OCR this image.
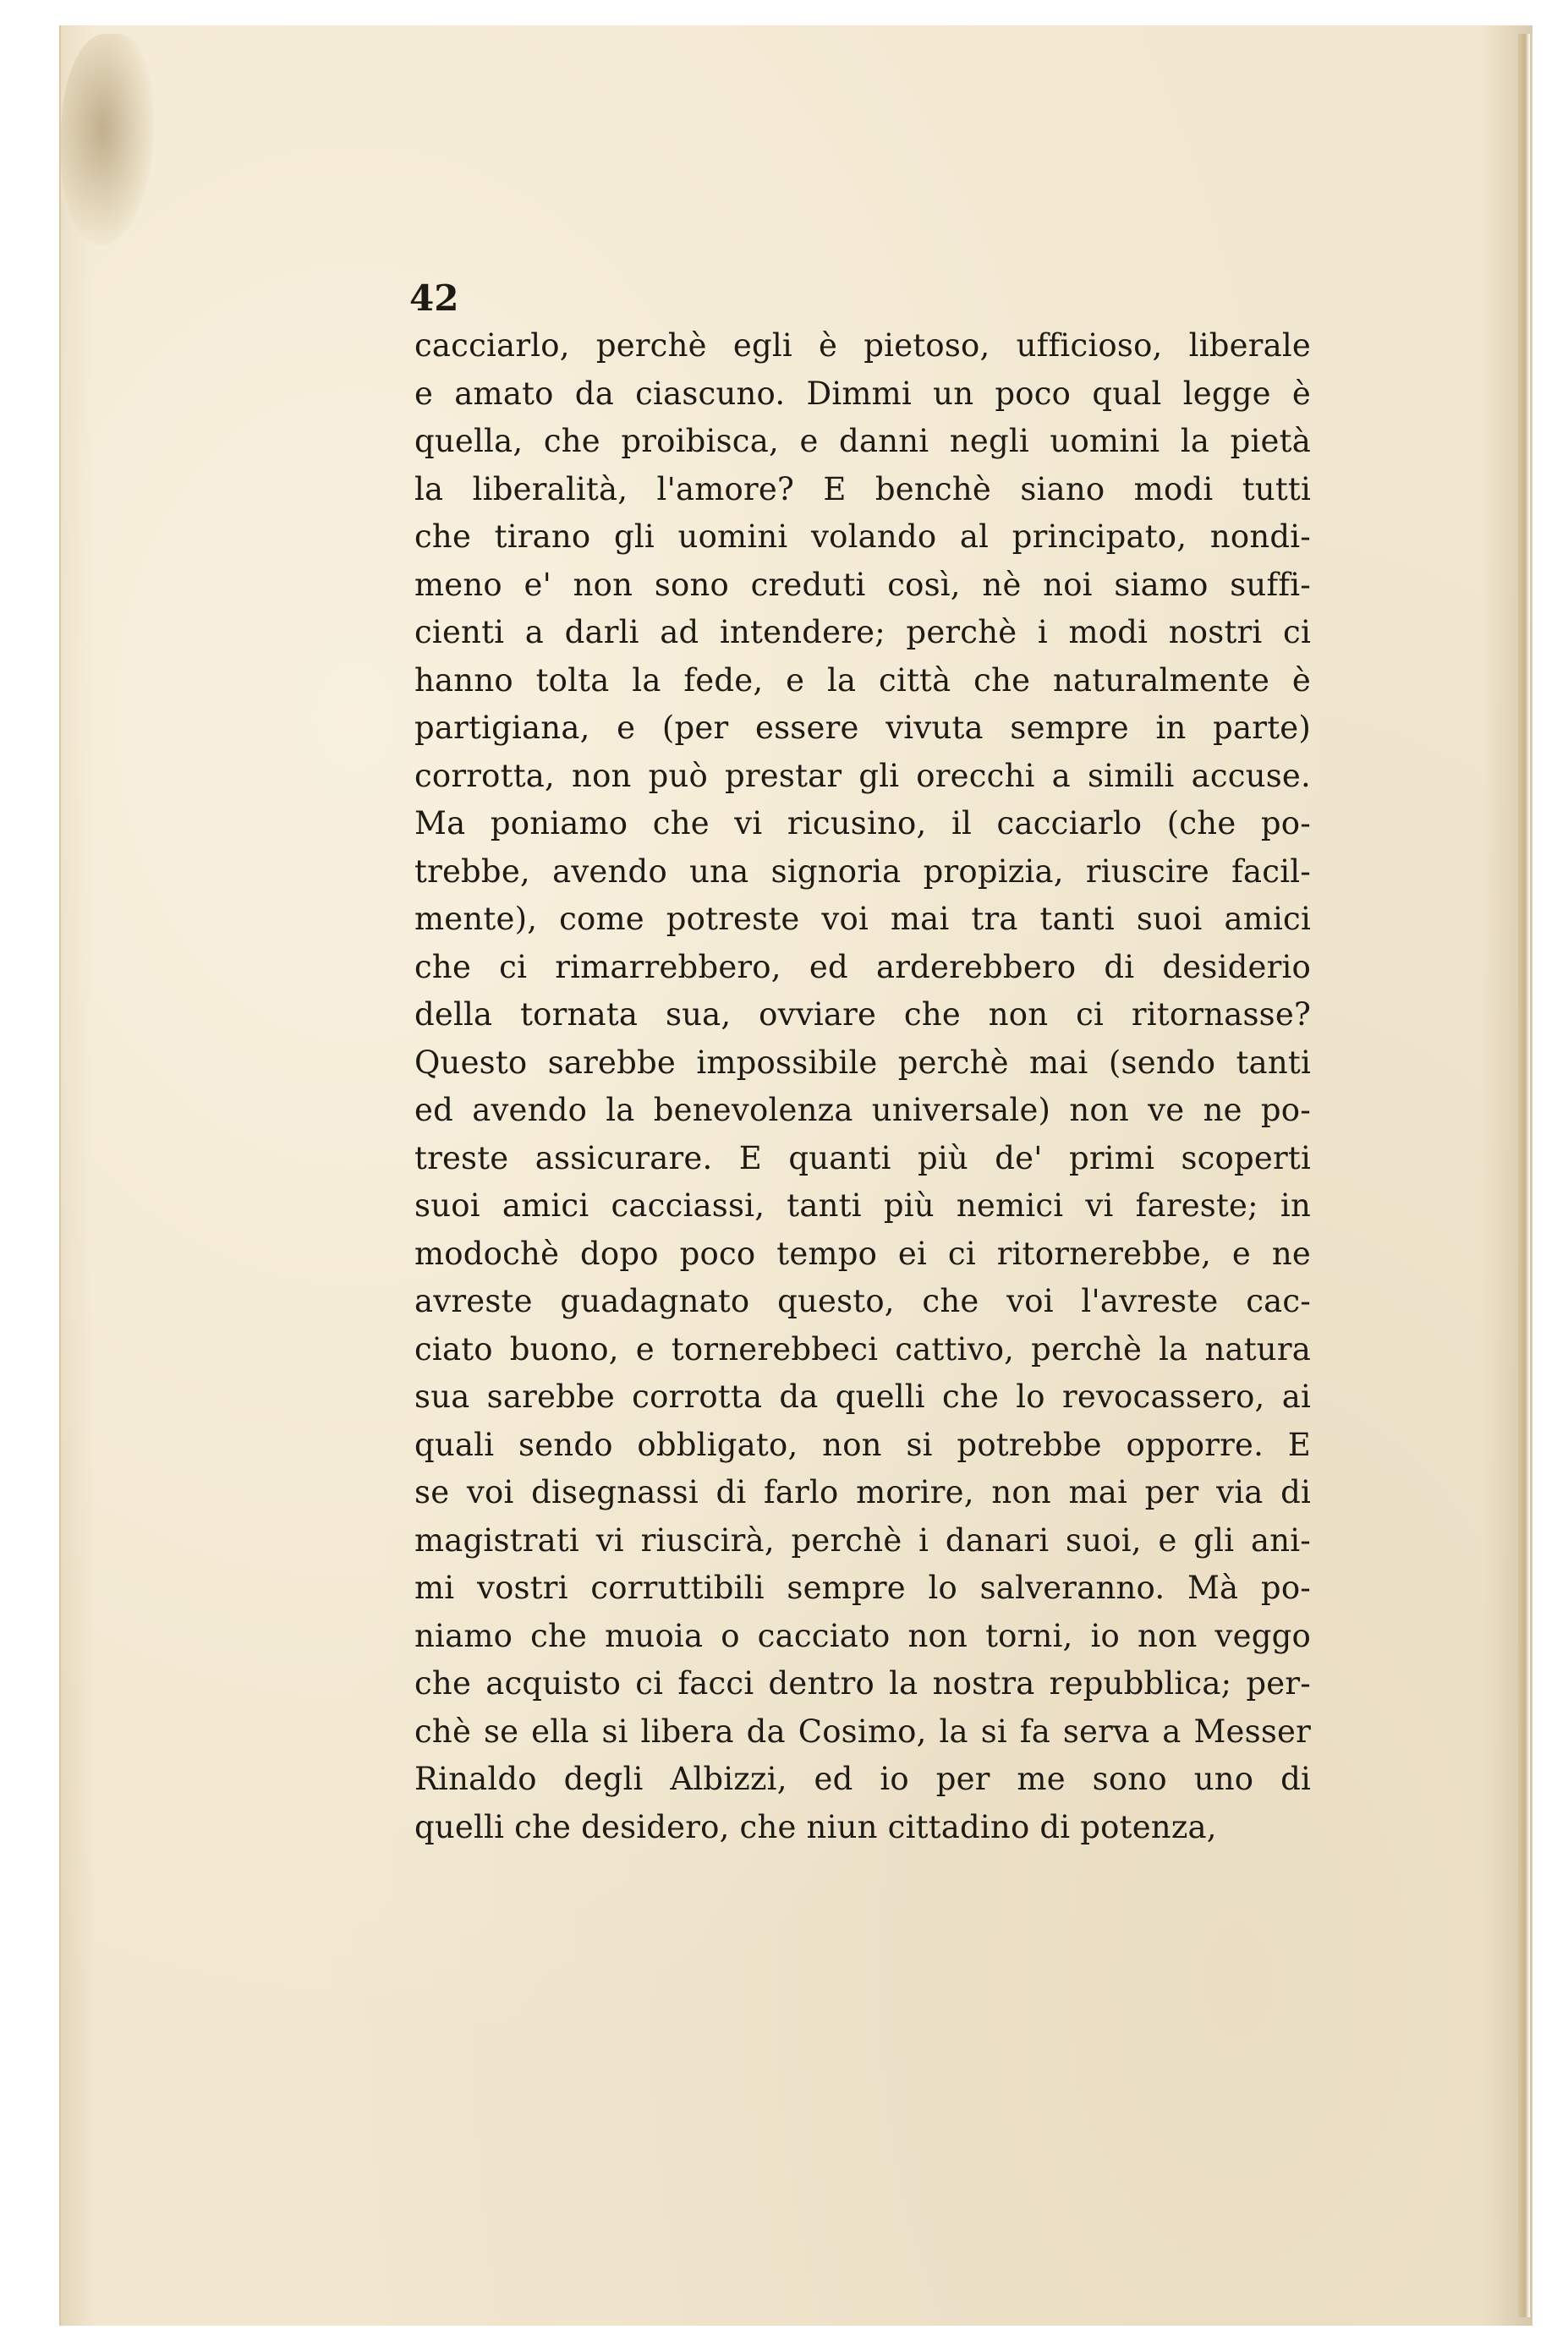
42
cacciarlo, perchè egli è pietoso, ufficioso, liberale
e amato da ciascuno. Dimmi un poco qual legge è
quella, che proibisca, e danni negli uomini la pietà
la liberalità, l'amore? E benchè siano modi tutti
che tirano gli uomini volando al principato, nondi-
meno e' non sono creduti così, nè noi siamo suffi-
cienti a darli ad intendere; perchè i modi nostri ci
hanno tolta la fede, e la città che naturalmente è
partigiana, e (per essere vivuta sempre in parte)
corrotta, non può prestar gli orecchi a simili accuse.
Ma poniamo che vi ricusino, il cacciarlo (che po-
trebbe, avendo una signoria propizia, riuscire facil-
mente), come potreste voi mai tra tanti suoi amici
che ci rimarrebbero, ed arderebbero di desiderio
della tornata sua, ovviare che non ci ritornasse?
Questo sarebbe impossibile perchè mai (sendo tanti
ed avendo la benevolenza universale) non ve ne po-
treste assicurare. E quanti più de' primi scoperti
suoi amici cacciassi, tanti più nemici vi fareste; in
modochè dopo poco tempo ei ci ritornerebbe, e ne
avreste guadagnato questo, che voi l'avreste cac-
ciato buono, e tornerebbeci cattivo, perchè la natura
sua sarebbe corrotta da quelli che lo revocassero, ai
quali sendo obbligato, non si potrebbe opporre. E
se voi disegnassi di farlo morire, non mai per via di
magistrati vi riuscirà, perchè i danari suoi, e gli ani-
mi vostri corruttibili sempre lo salveranno. Mà po-
niamo che muoia o cacciato non torni, io non veggo
che acquisto ci facci dentro la nostra repubblica; per-
chè se ella si libera da Cosimo, la si fa serva a Messer
Rinaldo degli Albizzi, ed io per me sono uno di
quelli che desidero, che niun cittadino di potenza,
